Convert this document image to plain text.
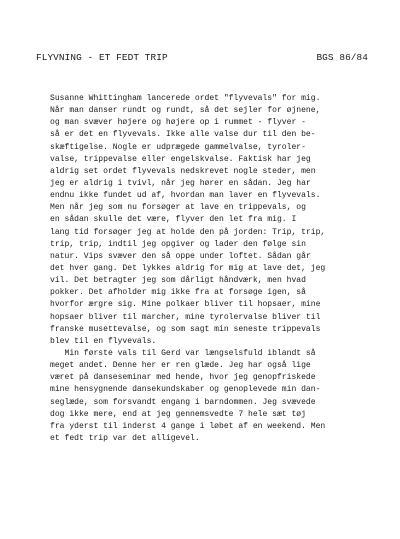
FLYVNING - ET FEDT TRIP	BGS 86/84
Susanne Whittingham lancerede ordet "flyvevals" for mig.
Når man danser rundt og rundt, så det sejler for øjnene,
og man svæver højere og højere op i rummet - flyver -
så er det en flyvevals. Ikke alle valse dur til den be-
skæftigelse. Nogle er udprægede gammelvalse, tyroler-
valse, trippevalse eller engelskvalse. Faktisk har jeg
aldrig set ordet flyvevals nedskrevet nogle steder, men
jeg er aldrig i tvivl, når jeg hører en sådan. Jeg har
endnu ikke fundet ud af, hvordan man laver en flyvevals.
Men når jeg som nu forsøger at lave en trippevals, og
en sådan skulle det være, flyver den let fra mig. I
lang tid forsøger jeg at holde den på jorden: Trip, trip,
trip, trip, indtil jeg opgiver og lader den følge sin
natur. Vips svæver den så oppe under loftet. Sådan går
det hver gang. Det lykkes aldrig for mig at lave det, jeg
vil. Det betragter jeg som dårligt håndværk, men hvad
pokker. Det afholder mig ikke fra at forsøge igen, så
hvorfor ærgre sig. Mine polkaer bliver til hopsaer, mine
hopsaer bliver til marcher, mine tyrolervalse bliver til
franske musettevalse, og som sagt min seneste trippevals
blev til en flyvevals.
Min første vals til Gerd var længselsfuld iblandt så
meget andet. Denne her er ren glæde. Jeg har også lige
været på danseseminar med hende, hvor jeg genopfriskede
mine hensygnende dansekundskaber og genoplevede min dan-
seglæde, som forsvandt engang i barndommen. Jeg svævede
dog ikke mere, end at jeg gennemsvedte 7 hele sæt tøj
fra yderst til inderst 4 gange i løbet af en weekend. Men
et fedt trip var det alligevel.
